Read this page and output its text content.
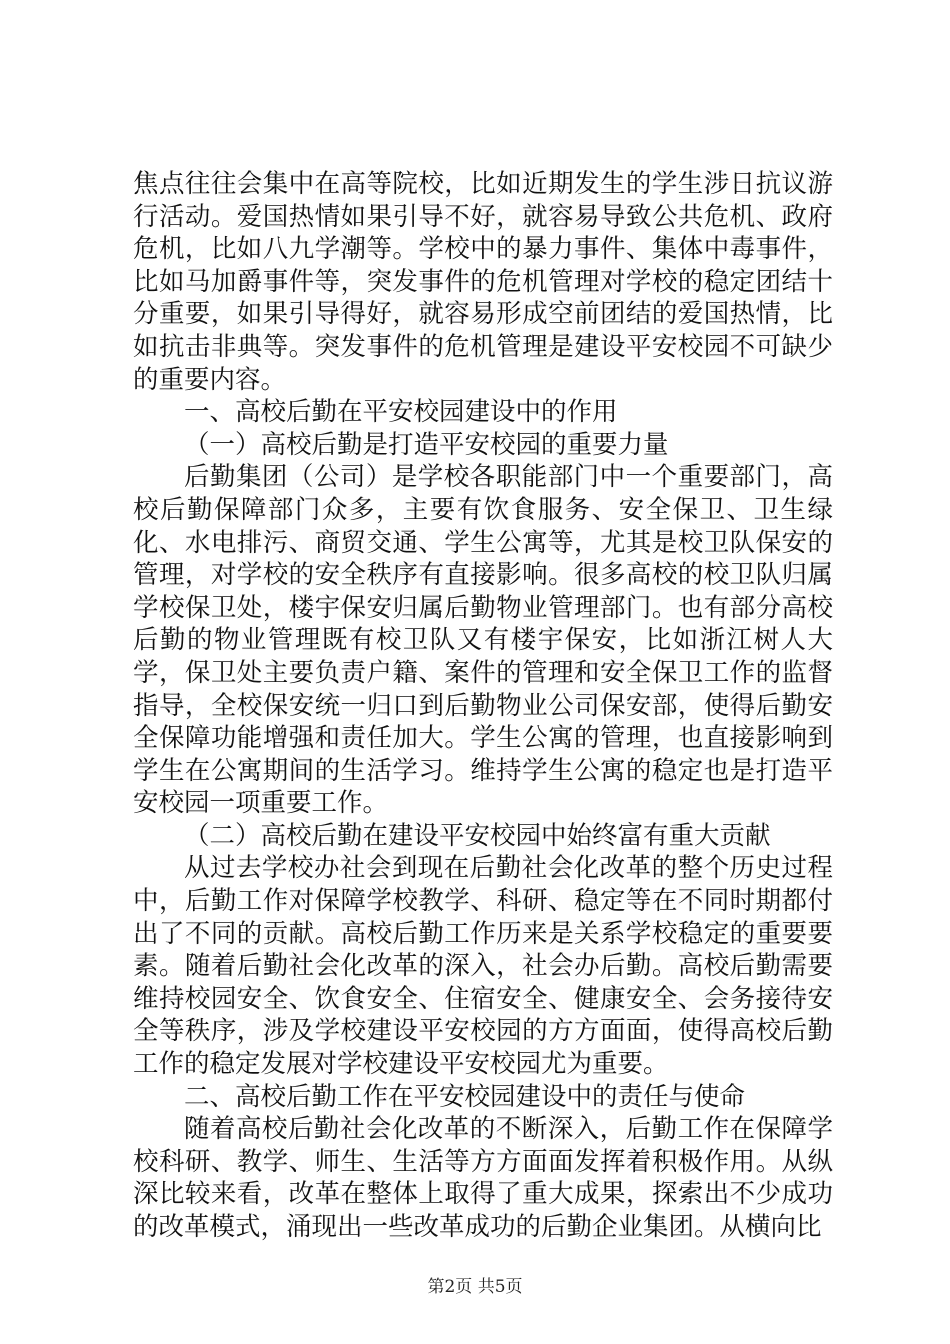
焦点往往会集中在高等院校，比如近期发生的学生涉日抗议游行活动。爱国热情如果引导不好，就容易导致公共危机、政府危机，比如八九学潮等。学校中的暴力事件、集体中毒事件，比如马加爵事件等，突发事件的危机管理对学校的稳定团结十分重要，如果引导得好，就容易形成空前团结的爱国热情，比如抗击非典等。突发事件的危机管理是建设平安校园不可缺少的重要内容。

一、高校后勤在平安校园建设中的作用

（一）高校后勤是打造平安校园的重要力量

后勤集团（公司）是学校各职能部门中一个重要部门，高校后勤保障部门众多，主要有饮食服务、安全保卫、卫生绿化、水电排污、商贸交通、学生公寓等，尤其是校卫队保安的管理，对学校的安全秩序有直接影响。很多高校的校卫队归属学校保卫处，楼宇保安归属后勤物业管理部门。也有部分高校后勤的物业管理既有校卫队又有楼宇保安，比如浙江树人大学，保卫处主要负责户籍、案件的管理和安全保卫工作的监督指导，全校保安统一归口到后勤物业公司保安部，使得后勤安全保障功能增强和责任加大。学生公寓的管理，也直接影响到学生在公寓期间的生活学习。维持学生公寓的稳定也是打造平安校园一项重要工作。

（二）高校后勤在建设平安校园中始终富有重大贡献

从过去学校办社会到现在后勤社会化改革的整个历史过程中，后勤工作对保障学校教学、科研、稳定等在不同时期都付出了不同的贡献。高校后勤工作历来是关系学校稳定的重要要素。随着后勤社会化改革的深入，社会办后勤。高校后勤需要维持校园安全、饮食安全、住宿安全、健康安全、会务接待安全等秩序，涉及学校建设平安校园的方方面面，使得高校后勤工作的稳定发展对学校建设平安校园尤为重要。

二、高校后勤工作在平安校园建设中的责任与使命

随着高校后勤社会化改革的不断深入，后勤工作在保障学校科研、教学、师生、生活等方方面面发挥着积极作用。从纵深比较来看，改革在整体上取得了重大成果，探索出不少成功的改革模式，涌现出一些改革成功的后勤企业集团。从横向比

第2页 共5页
